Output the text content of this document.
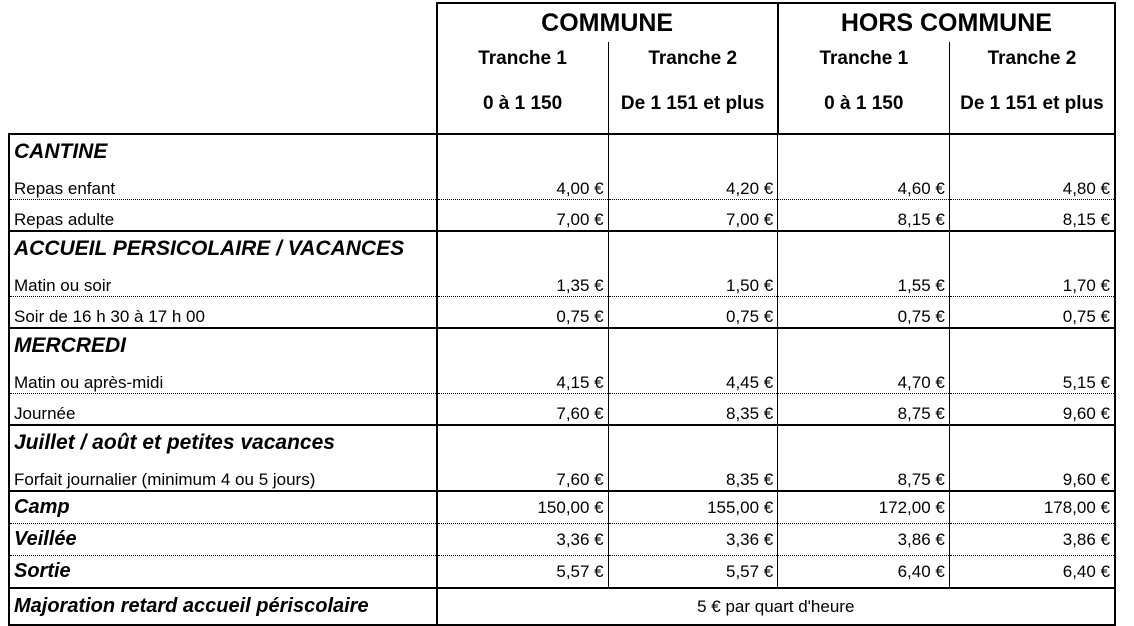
	COMMUNE		HORS COMMUNE	
	Tranche 1	Tranche 2	Tranche 1	Tranche 2
	0 à 1 150	De 1 151 et plus	0 à 1 150	De 1 151 et plus
CANTINE				
Repas enfant	4,00 €	4,20 €	4,60 €	4,80 €
Repas adulte	7,00 €	7,00 €	8,15 €	8,15 €
ACCUEIL PERSICOLAIRE / VACANCES				
Matin ou soir	1,35 €	1,50 €	1,55 €	1,70 €
Soir de 16 h 30 à 17 h 00	0,75 €	0,75 €	0,75 €	0,75 €
MERCREDI				
Matin ou après-midi	4,15 €	4,45 €	4,70 €	5,15 €
Journée	7,60 €	8,35 €	8,75 €	9,60 €
Juillet / août et petites vacances				
Forfait journalier (minimum 4 ou 5 jours)	7,60 €	8,35 €	8,75 €	9,60 €
Camp	150,00 €	155,00 €	172,00 €	178,00 €
Veillée	3,36 €	3,36 €	3,86 €	3,86 €
Sortie	5,57 €	5,57 €	6,40 €	6,40 €
Majoration retard accueil périscolaire	5 € par quart d'heure			
